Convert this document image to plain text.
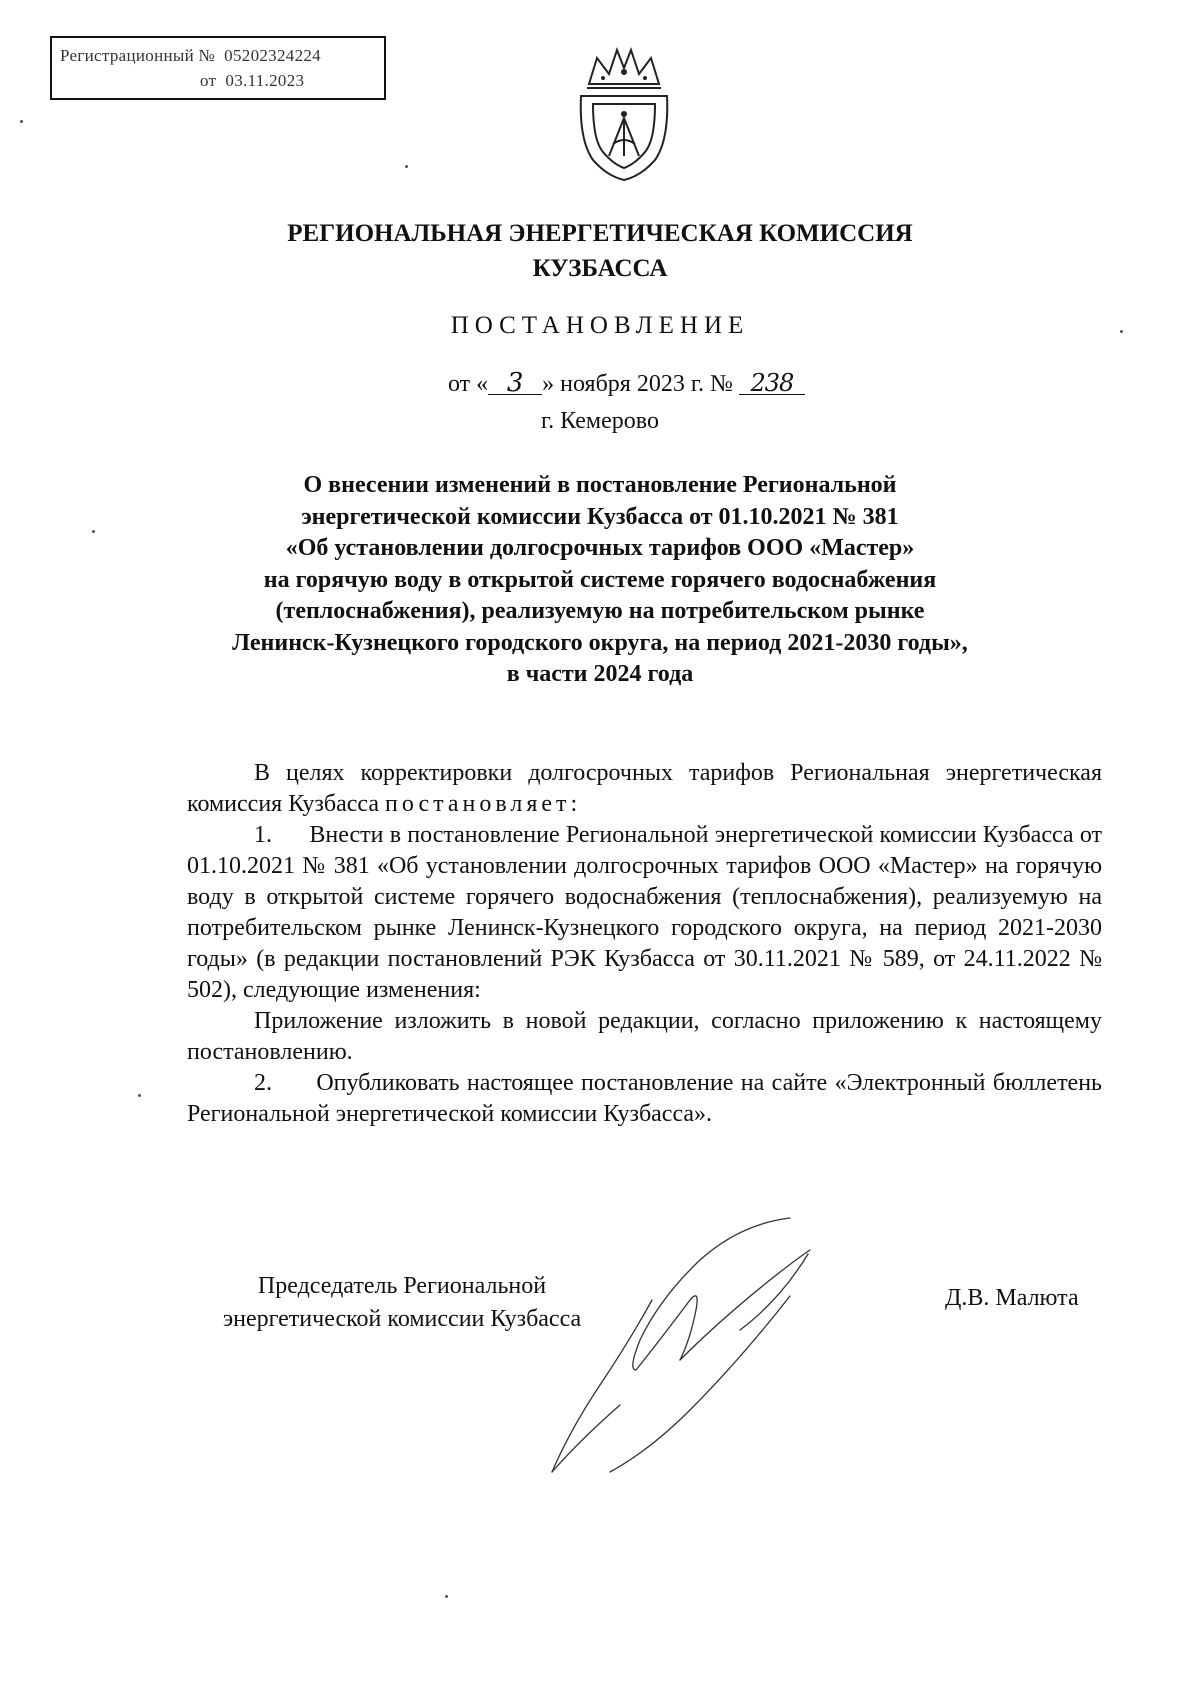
Регистрационный № 05202324224
от 03.11.2023
РЕГИОНАЛЬНАЯ ЭНЕРГЕТИЧЕСКАЯ КОМИССИЯ
КУЗБАССА
ПОСТАНОВЛЕНИЕ
от « 3 » ноября 2023 г. № 238
г. Кемерово
О внесении изменений в постановление Региональной
энергетической комиссии Кузбасса от 01.10.2021 № 381
«Об установлении долгосрочных тарифов ООО «Мастер»
на горячую воду в открытой системе горячего водоснабжения
(теплоснабжения), реализуемую на потребительском рынке
Ленинск-Кузнецкого городского округа, на период 2021-2030 годы»,
в части 2024 года

В целях корректировки долгосрочных тарифов Региональная энергетическая комиссия Кузбасса постановляет:

1.      Внести в постановление Региональной энергетической комиссии Кузбасса от 01.10.2021 № 381 «Об установлении долгосрочных тарифов ООО «Мастер» на горячую воду в открытой системе горячего водоснабжения (теплоснабжения), реализуемую на потребительском рынке Ленинск-Кузнецкого городского округа, на период 2021-2030 годы» (в редакции постановлений РЭК Кузбасса от 30.11.2021 № 589, от 24.11.2022 № 502), следующие изменения:

Приложение изложить в новой редакции, согласно приложению к настоящему постановлению.

2.      Опубликовать настоящее постановление на сайте «Электронный бюллетень Региональной энергетической комиссии Кузбасса».

Председатель Региональной
энергетической комиссии Кузбасса
Д.В. Малюта
